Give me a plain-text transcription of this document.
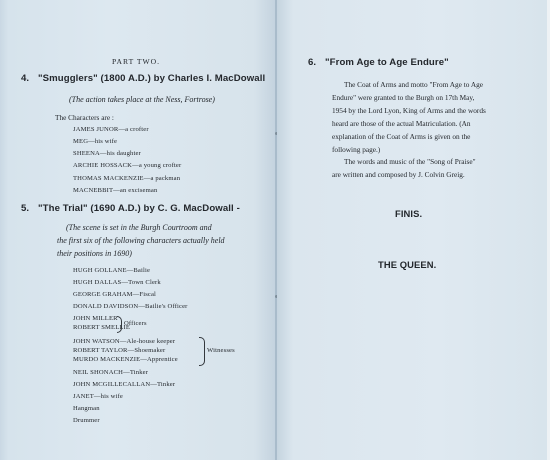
PART TWO.
4. "Smugglers" (1800 A.D.) by Charles I. MacDowall
(The action takes place at the Ness, Fortrose)
The Characters are :
JAMES JUNOR—a crofter
MEG—his wife
SHEENA—his daughter
ARCHIE HOSSACK—a young crofter
THOMAS MACKENZIE—a packman
MACNEBBIT—an exciseman
5. "The Trial" (1690 A.D.) by C. G. MacDowall -
(The scene is set in the Burgh Courtroom and
the first six of the following characters actually held
their positions in 1690)
HUGH GOLLANE—Bailie
HUGH DALLAS—Town Clerk
GEORGE GRAHAM—Fiscal
DONALD DAVIDSON—Bailie's Officer
JOHN MILLER
ROBERT SMELLIE
Officers
JOHN WATSON—Ale-house keeper
ROBERT TAYLOR—Shoemaker
MURDO MACKENZIE—Apprentice
Witnesses
NEIL SHONACH—Tinker
JOHN MCGILLECALLAN—Tinker
JANET—his wife
Hangman
Drummer
6. "From Age to Age Endure"
The Coat of Arms and motto "From Age to Age
Endure" were granted to the Burgh on 17th May,
1954 by the Lord Lyon, King of Arms and the words
heard are those of the actual Matriculation. (An
explanation of the Coat of Arms is given on the
following page.)
The words and music of the "Song of Praise"
are written and composed by J. Colvin Greig.
FINIS.
THE QUEEN.
